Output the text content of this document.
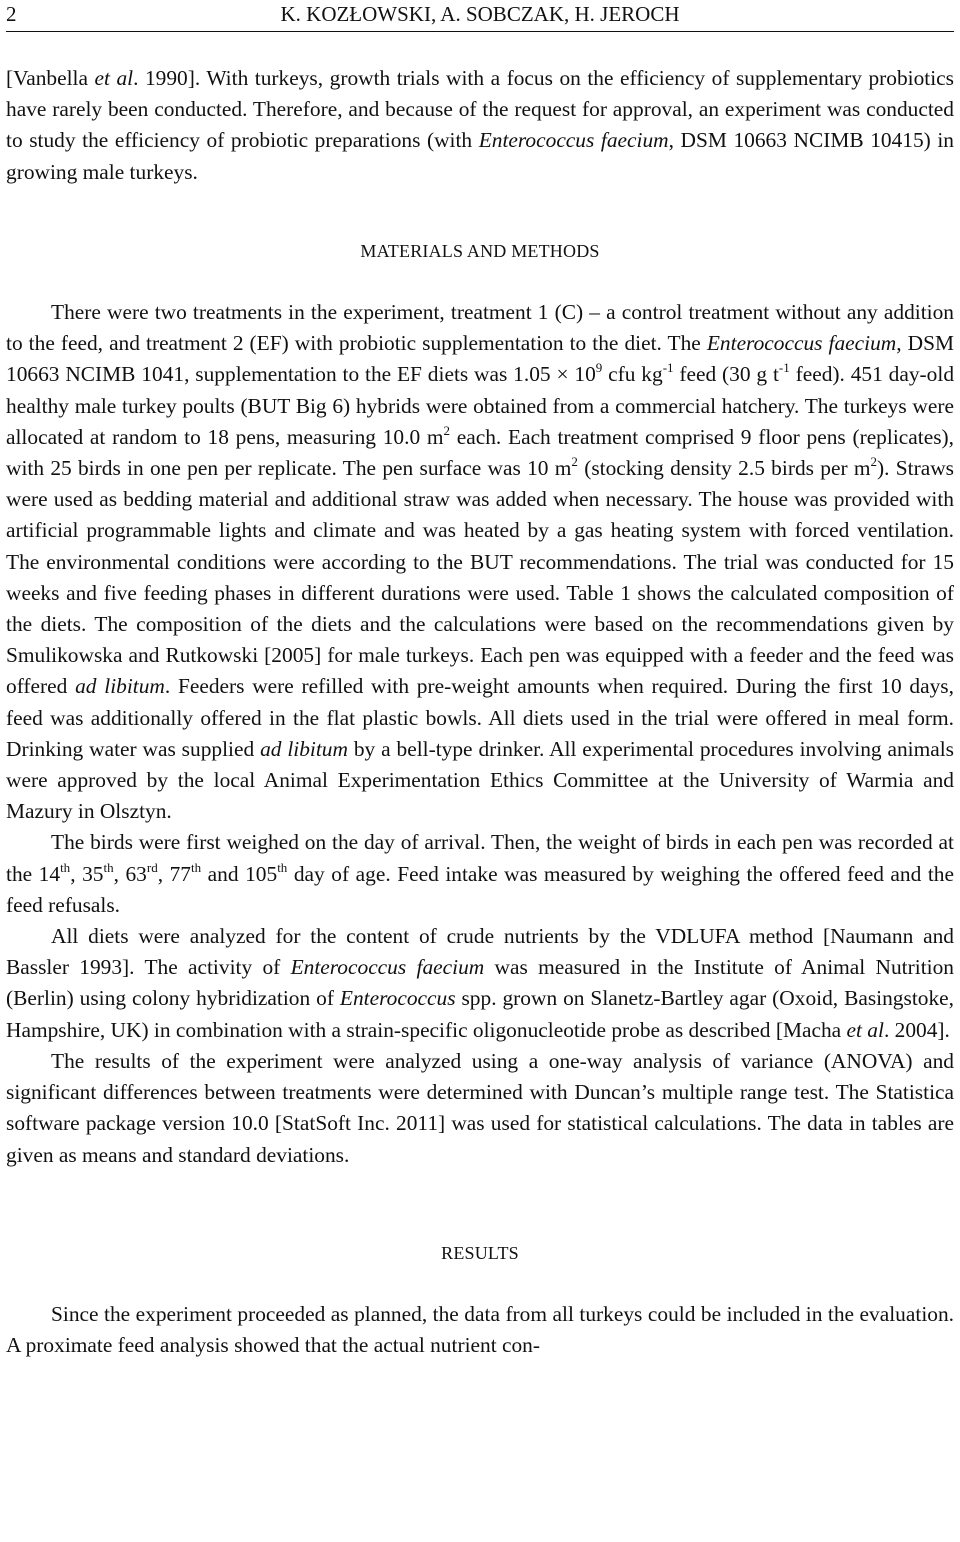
2	K. KOZŁOWSKI, A. SOBCZAK, H. JEROCH

[Vanbella et al. 1990]. With turkeys, growth trials with a focus on the efficiency of supplementary probiotics have rarely been conducted. Therefore, and because of the request for approval, an experiment was conducted to study the efficiency of probiotic preparations (with Enterococcus faecium, DSM 10663 NCIMB 10415) in growing male turkeys.

MATERIALS AND METHODS

There were two treatments in the experiment, treatment 1 (C) – a control treatment without any addition to the feed, and treatment 2 (EF) with probiotic supplementation to the diet. The Enterococcus faecium, DSM 10663 NCIMB 1041, supplementation to the EF diets was $1.05 \times 10^9$ cfu $kg^{-1}$ feed (30 g $t^{-1}$ feed). 451 day-old healthy male turkey poults (BUT Big 6) hybrids were obtained from a commercial hatchery. The turkeys were allocated at random to 18 pens, measuring 10.0 $m^2$ each. Each treatment comprised 9 floor pens (replicates), with 25 birds in one pen per replicate. The pen surface was 10 $m^2$ (stocking density 2.5 birds per $m^2$). Straws were used as bedding material and additional straw was added when necessary. The house was provided with artificial programmable lights and climate and was heated by a gas heating system with forced ventilation. The environmental conditions were according to the BUT recommendations. The trial was conducted for 15 weeks and five feeding phases in different durations were used. Table 1 shows the calculated composition of the diets. The composition of the diets and the calculations were based on the recommendations given by Smulikowska and Rutkowski [2005] for male turkeys. Each pen was equipped with a feeder and the feed was offered ad libitum. Feeders were refilled with pre-weight amounts when required. During the first 10 days, feed was additionally offered in the flat plastic bowls. All diets used in the trial were offered in meal form. Drinking water was supplied ad libitum by a bell-type drinker. All experimental procedures involving animals were approved by the local Animal Experimentation Ethics Committee at the University of Warmia and Mazury in Olsztyn.

The birds were first weighed on the day of arrival. Then, the weight of birds in each pen was recorded at the 14th, 35th, 63rd, 77th and 105th day of age. Feed intake was measured by weighing the offered feed and the feed refusals.

All diets were analyzed for the content of crude nutrients by the VDLUFA method [Naumann and Bassler 1993]. The activity of Enterococcus faecium was measured in the Institute of Animal Nutrition (Berlin) using colony hybridization of Enterococcus spp. grown on Slanetz-Bartley agar (Oxoid, Basingstoke, Hampshire, UK) in combination with a strain-specific oligonucleotide probe as described [Macha et al. 2004].

The results of the experiment were analyzed using a one-way analysis of variance (ANOVA) and significant differences between treatments were determined with Duncan’s multiple range test. The Statistica software package version 10.0 [StatSoft Inc. 2011] was used for statistical calculations. The data in tables are given as means and standard deviations.

RESULTS

Since the experiment proceeded as planned, the data from all turkeys could be included in the evaluation. A proximate feed analysis showed that the actual nutrient con-
